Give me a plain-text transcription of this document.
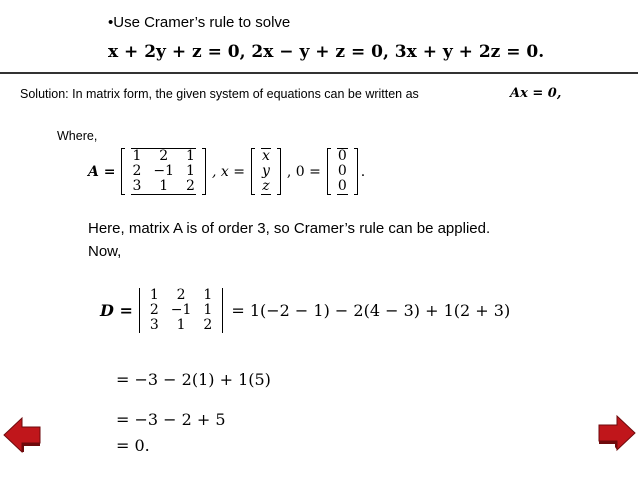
•Use Cramer’s rule to solve
x + 2y + z = 0, 2x − y + z = 0, 3x + y + 2z = 0.
Solution: In matrix form, the given system of equations can be written as	Ax = 0,
Where,
A =
1	2	1
2	−1	1
3	1	2
, x =
x
y
z
, 0 =
0
0
0
.
Here, matrix A is of order 3, so Cramer’s rule can be applied.
Now,
D =
1	2	1
2	−1	1
3	1	2
= 1(−2 − 1) − 2(4 − 3) + 1(2 + 3)
= −3 − 2(1) + 1(5)
= −3 − 2 + 5
= 0.
